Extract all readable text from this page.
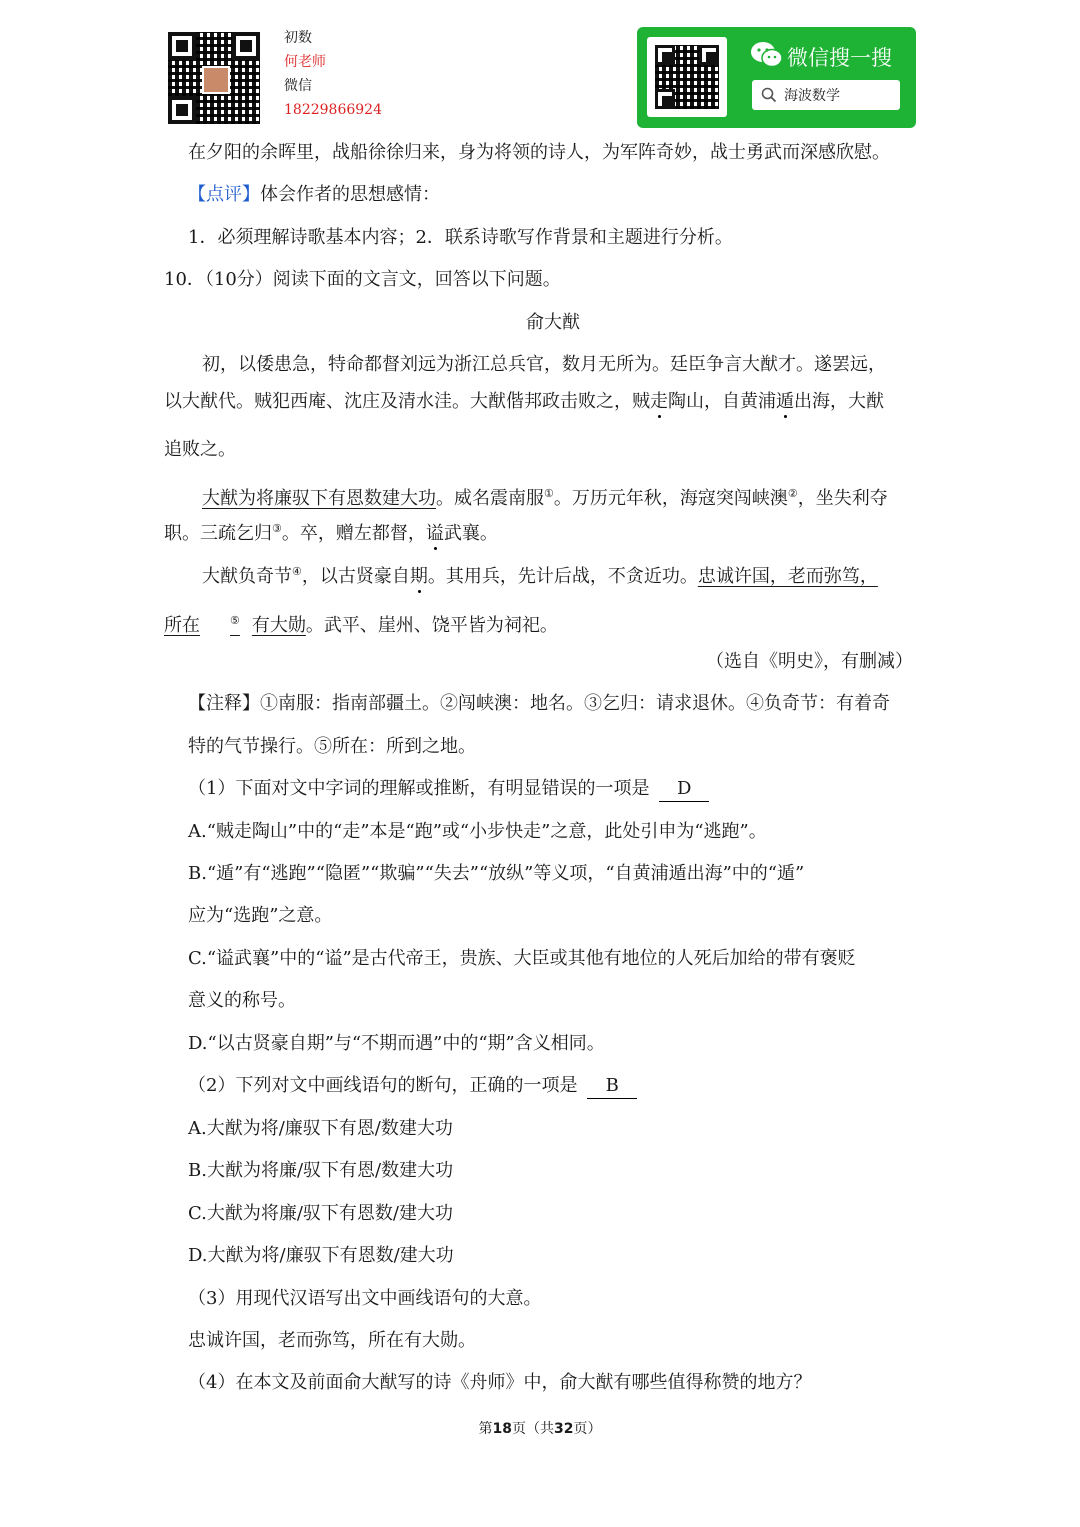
初数
何老师
微信
18229866924
微信搜一搜
海波数学
在夕阳的余晖里，战船徐徐归来，身为将领的诗人，为军阵奇妙，战士勇武而深感欣慰。
【点评】体会作者的思想感情：
1．必须理解诗歌基本内容；2．联系诗歌写作背景和主题进行分析。
10．（10分）阅读下面的文言文，回答以下问题。
俞大猷
初，以倭患急，特命都督刘远为浙江总兵官，数月无所为。廷臣争言大猷才。遂罢远，
以大猷代。贼犯西庵、沈庄及清水洼。大猷偕邦政击败之，贼走陶山，自黄浦遁出海，大猷
追败之。
大猷为将廉驭下有恩数建大功。威名震南服①。万历元年秋，海寇突闯峡澳②，坐失利夺
职。三疏乞归③。卒，赠左都督，谥武襄。
大猷负奇节④，以古贤豪自期。其用兵，先计后战，不贪近功。忠诚许国，老而弥笃，
所在	⑤ 有大勋。武平、崖州、饶平皆为祠祀。
（选自《明史》，有删减）
【注释】①南服：指南部疆土。②闯峡澳：地名。③乞归：请求退休。④负奇节：有着奇
特的气节操行。⑤所在：所到之地。
（1）下面对文中字词的理解或推断，有明显错误的一项是 D
A.“贼走陶山”中的“走”本是“跑”或“小步快走”之意，此处引申为“逃跑”。
B.“遁”有“逃跑”“隐匿”“欺骗”“失去”“放纵”等义项，“自黄浦遁出海”中的“遁”
应为“选跑”之意。
C.“谥武襄”中的“谥”是古代帝王，贵族、大臣或其他有地位的人死后加给的带有褒贬
意义的称号。
D.“以古贤豪自期”与“不期而遇”中的“期”含义相同。
（2）下列对文中画线语句的断句，正确的一项是 B
A.大猷为将/廉驭下有恩/数建大功
B.大猷为将廉/驭下有恩/数建大功
C.大猷为将廉/驭下有恩数/建大功
D.大猷为将/廉驭下有恩数/建大功
（3）用现代汉语写出文中画线语句的大意。
忠诚许国，老而弥笃，所在有大勋。
（4）在本文及前面俞大猷写的诗《舟师》中，俞大猷有哪些值得称赞的地方？
第18页（共32页）
